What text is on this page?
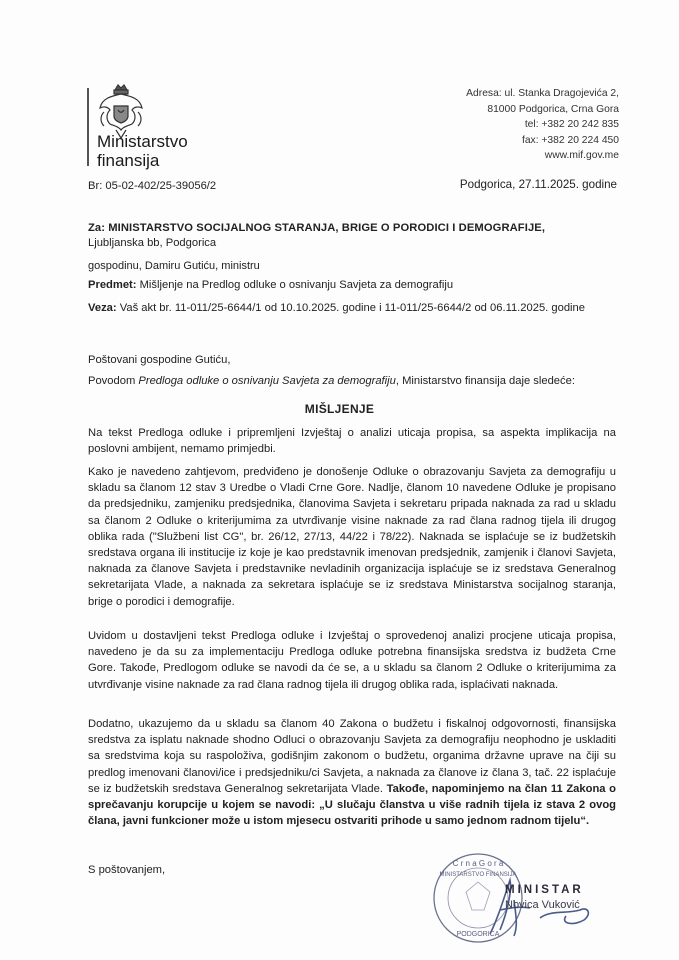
Ministarstvo
finansija
Adresa: ul. Stanka Dragojevića 2,
81000 Podgorica, Crna Gora
tel: +382 20 242 835
fax: +382 20 224 450
www.mif.gov.me
Br: 05-02-402/25-39056/2	Podgorica, 27.11.2025. godine
Za: MINISTARSTVO SOCIJALNOG STARANJA, BRIGE O PORODICI I DEMOGRAFIJE,
Ljubljanska bb, Podgorica
gospodinu, Damiru Gutiću, ministru
Predmet: Mišljenje na Predlog odluke o osnivanju Savjeta za demografiju
Veza: Vaš akt br. 11-011/25-6644/1 od 10.10.2025. godine i 11-011/25-6644/2 od 06.11.2025. godine
Poštovani gospodine Gutiću,
Povodom Predloga odluke o osnivanju Savjeta za demografiju, Ministarstvo finansija daje sledeće:
MIŠLJENJE
Na tekst Predloga odluke i pripremljeni Izvještaj o analizi uticaja propisa, sa aspekta implikacija na poslovni ambijent, nemamo primjedbi.
Kako je navedeno zahtjevom, predviđeno je donošenje Odluke o obrazovanju Savjeta za demografiju u skladu sa članom 12 stav 3 Uredbe o Vladi Crne Gore. Nadlje, članom 10 navedene Odluke je propisano da predsjedniku, zamjeniku predsjednika, članovima Savjeta i sekretaru pripada naknada za rad u skladu sa članom 2 Odluke o kriterijumima za utvrđivanje visine naknade za rad člana radnog tijela ili drugog oblika rada ("Službeni list CG", br. 26/12, 27/13, 44/22 i 78/22). Naknada se isplaćuje se iz budžetskih sredstava organa ili institucije iz koje je kao predstavnik imenovan predsjednik, zamjenik i članovi Savjeta, naknada za članove Savjeta i predstavnike nevladinih organizacija isplaćuje se iz sredstava Generalnog sekretarijata Vlade, a naknada za sekretara isplaćuje se iz sredstava Ministarstva socijalnog staranja, brige o porodici i demografije.
Uvidom u dostavljeni tekst Predloga odluke i Izvještaj o sprovedenoj analizi procjene uticaja propisa, navedeno je da su za implementaciju Predloga odluke potrebna finansijska sredstva iz budžeta Crne Gore. Takođe, Predlogom odluke se navodi da će se, a u skladu sa članom 2 Odluke o kriterijumima za utvrđivanje visine naknade za rad člana radnog tijela ili drugog oblika rada, isplaćivati naknada.
Dodatno, ukazujemo da u skladu sa članom 40 Zakona o budžetu i fiskalnoj odgovornosti, finansijska sredstva za isplatu naknade shodno Odluci o obrazovanju Savjeta za demografiju neophodno je uskladiti sa sredstvima koja su raspoloživa, godišnjim zakonom o budžetu, organima državne uprave na čiji su predlog imenovani članovi/ice i predsjedniku/ci Savjeta, a naknada za članove iz člana 3, tač. 22 isplaćuje se iz budžetskih sredstava Generalnog sekretarijata Vlade. Takođe, napominjemo na član 11 Zakona o sprečavanju korupcije u kojem se navodi: „U slučaju članstva u više radnih tijela iz stava 2 ovog člana, javni funkcioner može u istom mjesecu ostvariti prihode u samo jednom radnom tijelu“.
S poštovanjem,
C r n a G o r a
MINISTARSTVO FINANSIJA
PODGORICA
MINISTAR
Novica Vuković
